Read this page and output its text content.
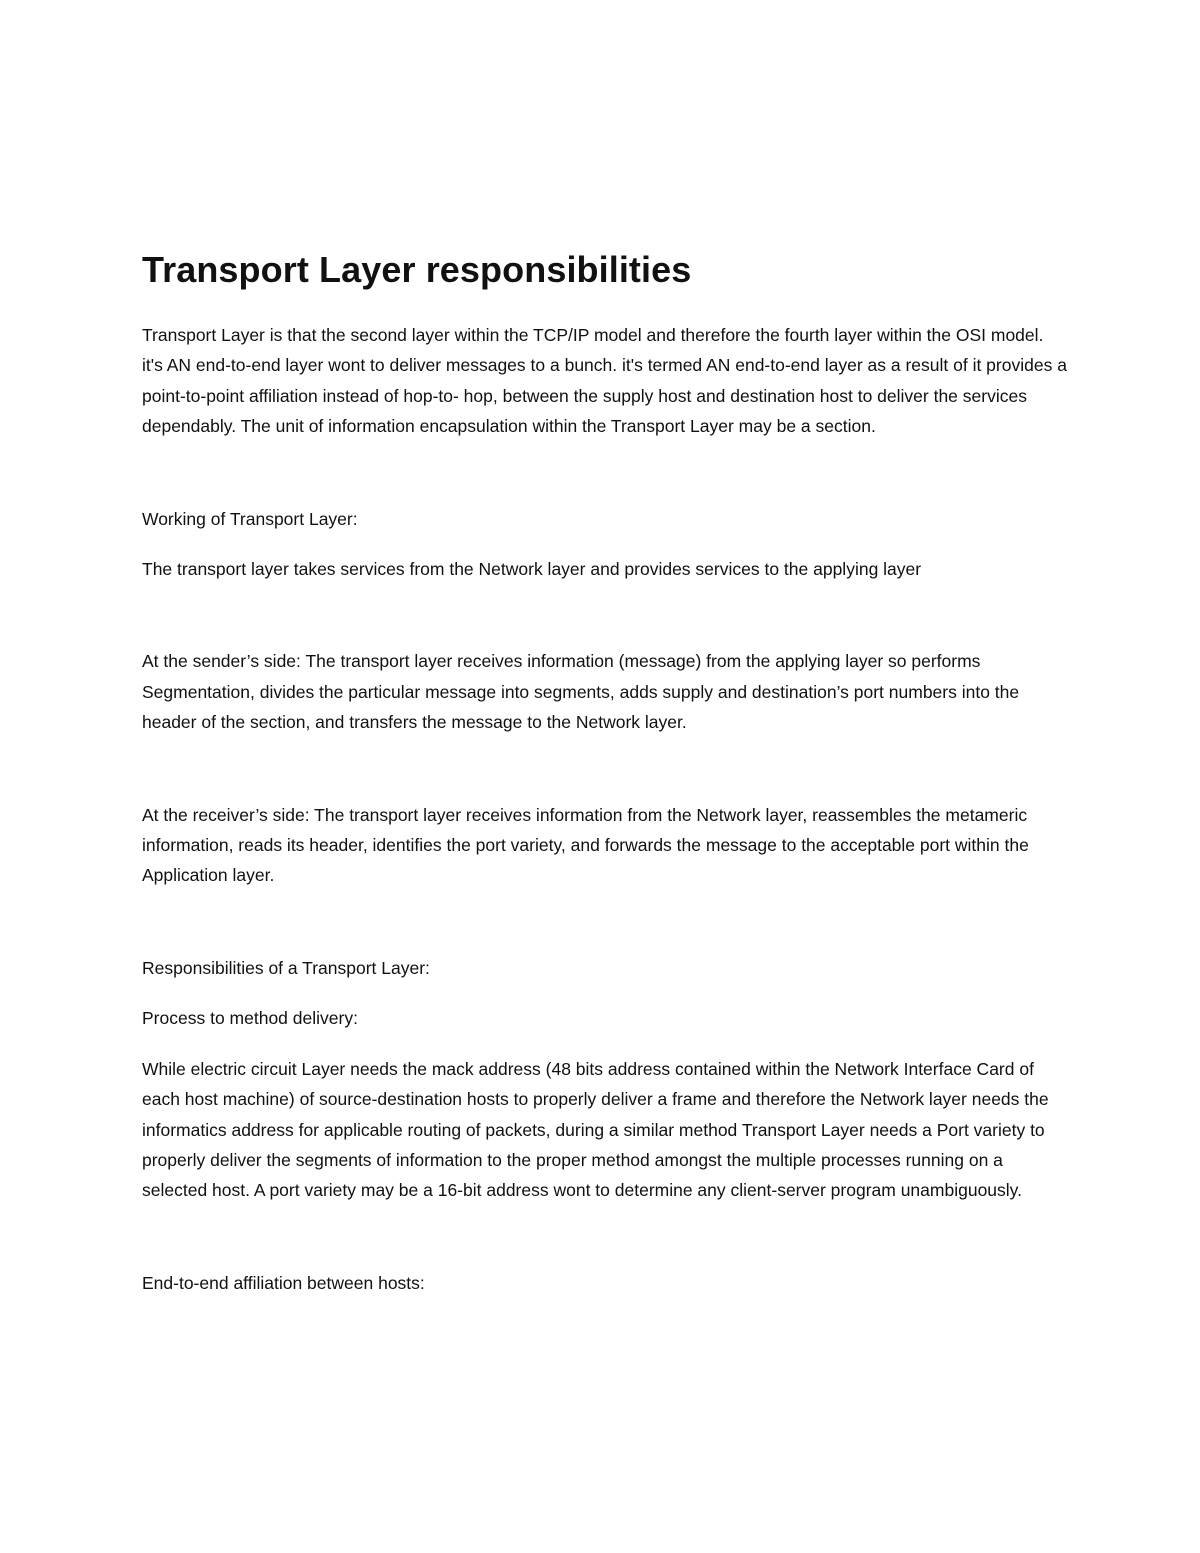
Transport Layer responsibilities

Transport Layer is that the second layer within the TCP/IP model and therefore the fourth layer within the OSI model. it's AN end-to-end layer wont to deliver messages to a bunch. it's termed AN end-to-end layer as a result of it provides a point-to-point affiliation instead of hop-to- hop, between the supply host and destination host to deliver the services dependably. The unit of information encapsulation within the Transport Layer may be a section.

Working of Transport Layer:

The transport layer takes services from the Network layer and provides services to the applying layer

At the sender’s side: The transport layer receives information (message) from the applying layer so performs Segmentation, divides the particular message into segments, adds supply and destination’s port numbers into the header of the section, and transfers the message to the Network layer.

At the receiver’s side: The transport layer receives information from the Network layer, reassembles the metameric information, reads its header, identifies the port variety, and forwards the message to the acceptable port within the Application layer.

Responsibilities of a Transport Layer:

Process to method delivery:

While electric circuit Layer needs the mack address (48 bits address contained within the Network Interface Card of each host machine) of source-destination hosts to properly deliver a frame and therefore the Network layer needs the informatics address for applicable routing of packets, during a similar method Transport Layer needs a Port variety to properly deliver the segments of information to the proper method amongst the multiple processes running on a selected host. A port variety may be a 16-bit address wont to determine any client-server program unambiguously.

End-to-end affiliation between hosts:
